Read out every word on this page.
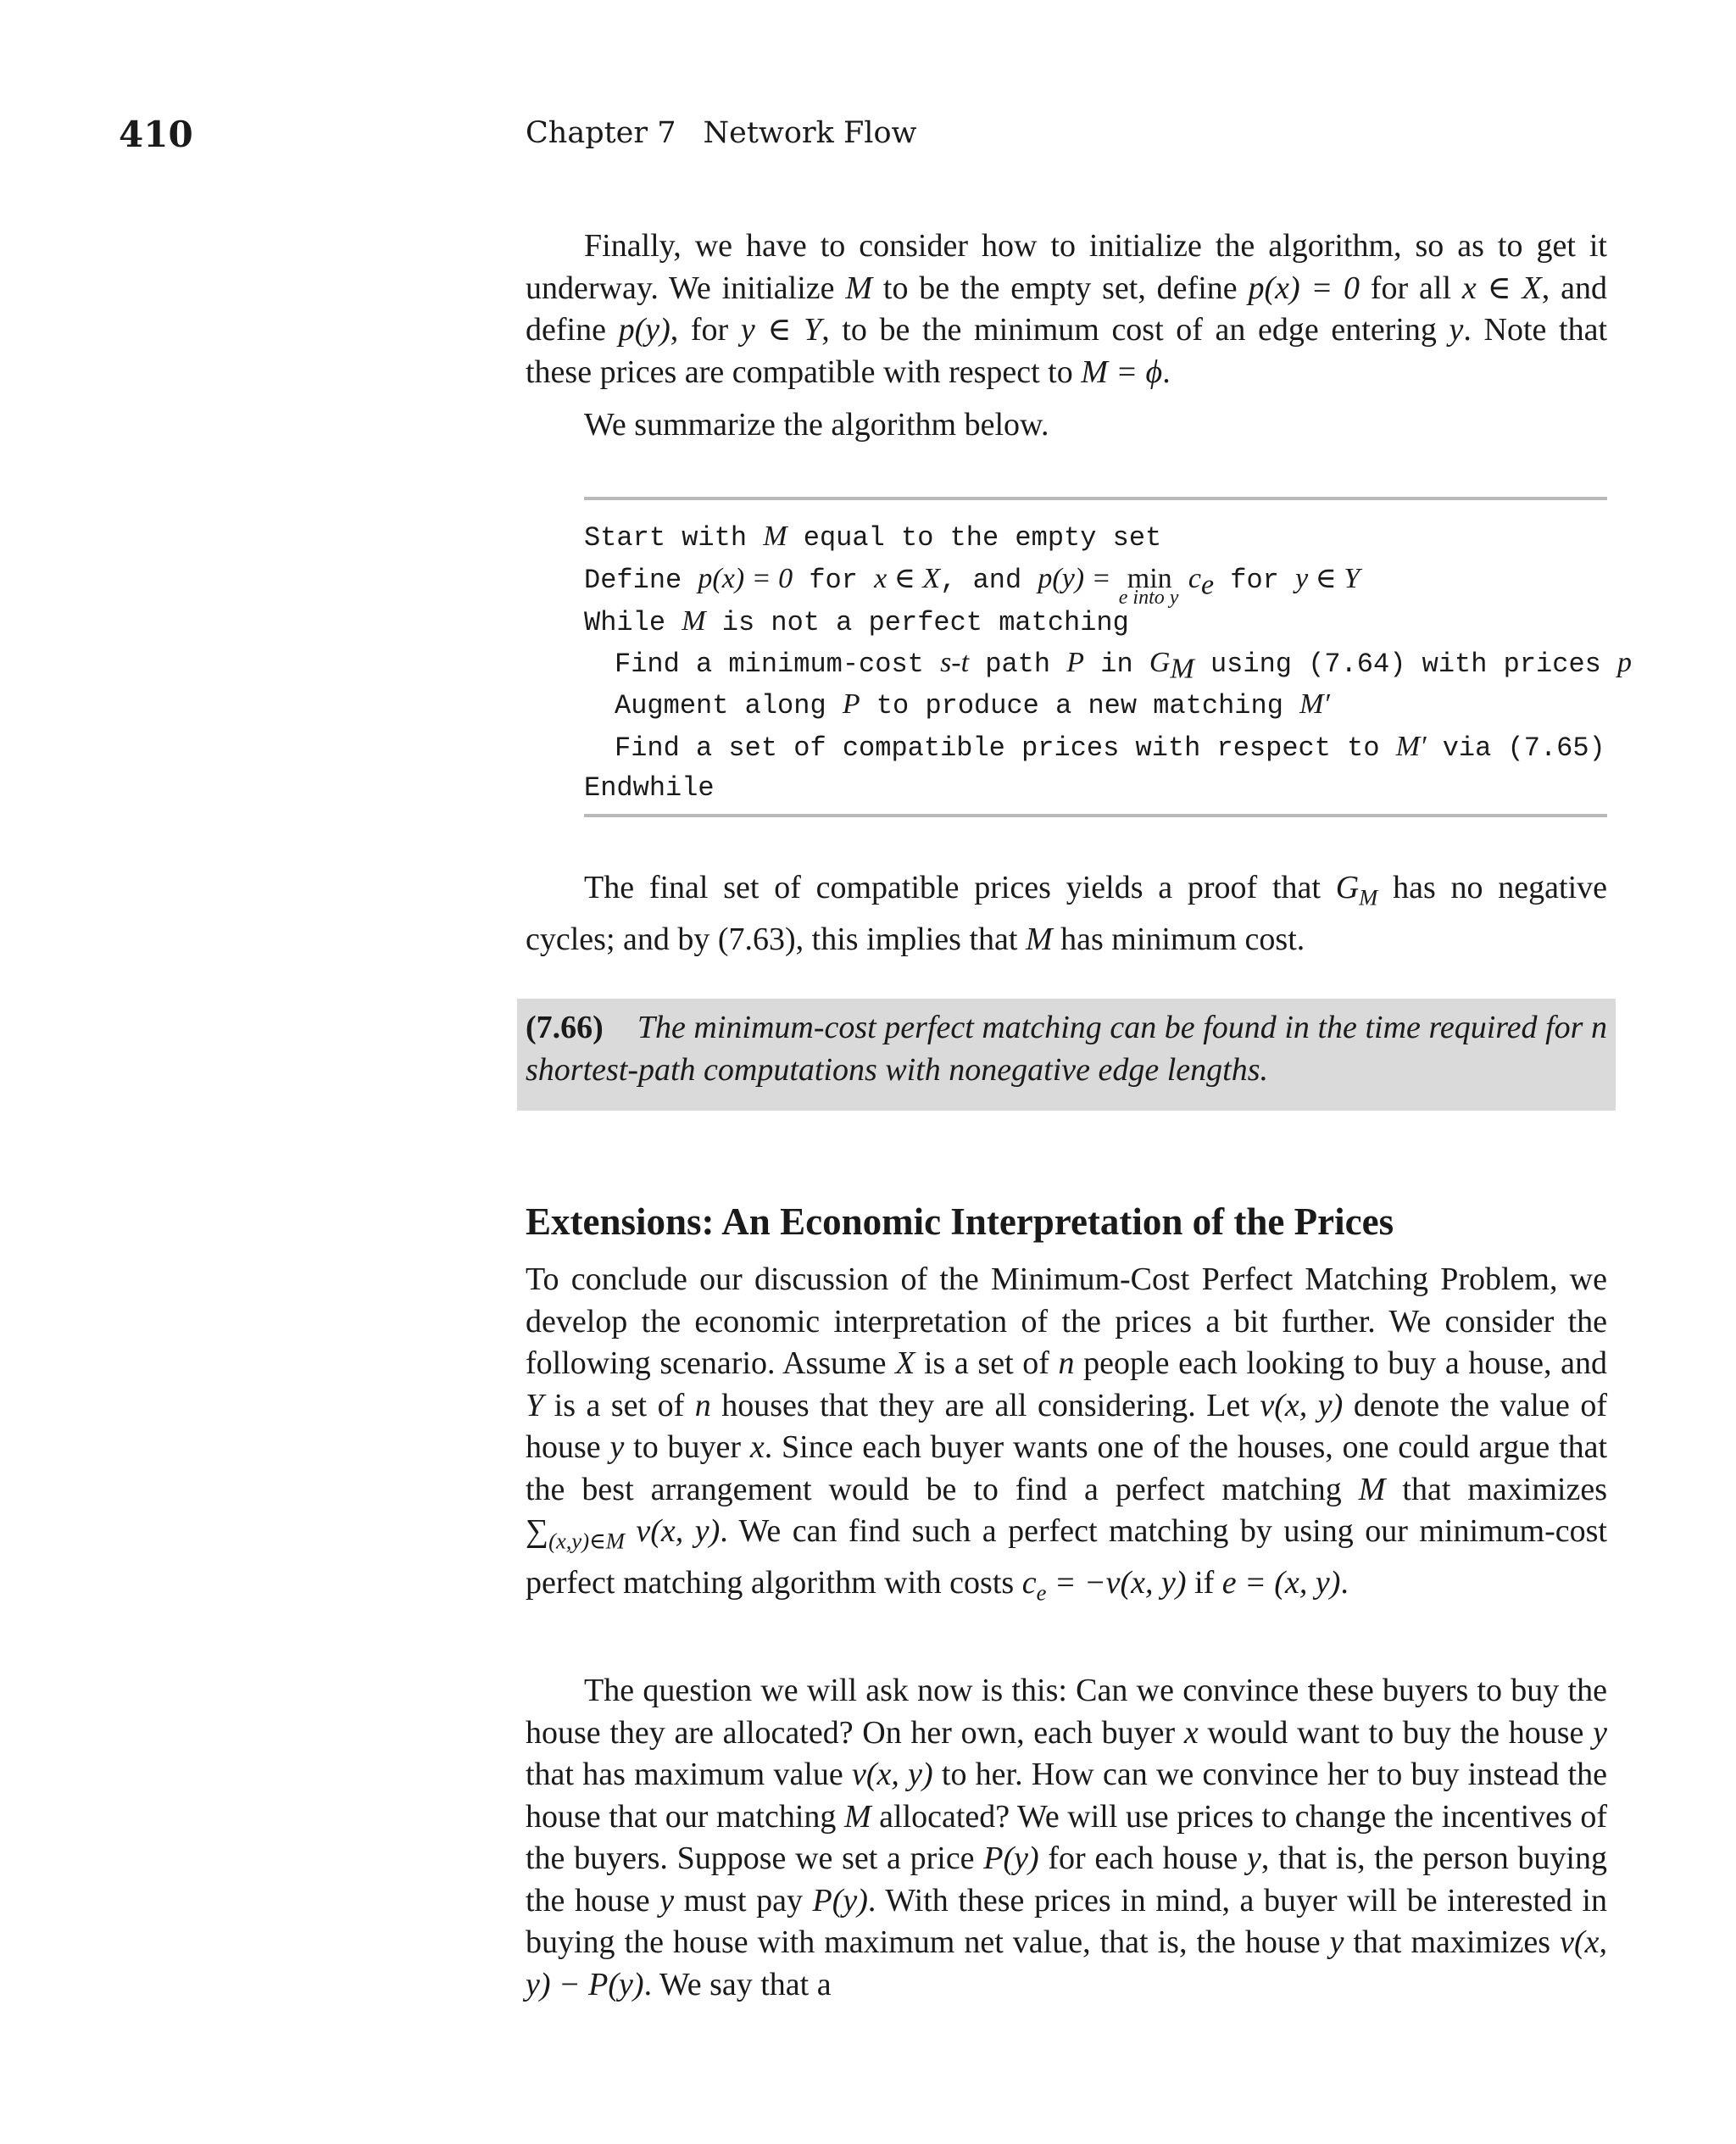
410	Chapter 7 Network Flow

Finally, we have to consider how to initialize the algorithm, so as to get it underway. We initialize M to be the empty set, define p(x) = 0 for all x ∈ X, and define p(y), for y ∈ Y, to be the minimum cost of an edge entering y. Note that these prices are compatible with respect to M = ϕ.

We summarize the algorithm below.

Start with M equal to the empty set
Define p(x) = 0 for x ∈ X, and p(y) = min
e into y
$c_e$ for y ∈ Y
While M is not a perfect matching
Find a minimum-cost s-t path P in $G_M$ using (7.64) with prices p
Augment along P to produce a new matching M′
Find a set of compatible prices with respect to M′ via (7.65)
Endwhile

The final set of compatible prices yields a proof that $G_M$ has no negative cycles; and by (7.63), this implies that M has minimum cost.

(7.66) The minimum-cost perfect matching can be found in the time required for n shortest-path computations with nonegative edge lengths.
Extensions: An Economic Interpretation of the Prices

To conclude our discussion of the Minimum-Cost Perfect Matching Problem, we develop the economic interpretation of the prices a bit further. We consider the following scenario. Assume X is a set of n people each looking to buy a house, and Y is a set of n houses that they are all considering. Let v(x, y) denote the value of house y to buyer x. Since each buyer wants one of the houses, one could argue that the best arrangement would be to find a perfect matching M that maximizes $\sum_{(x,y)\in M}$ v(x, y). We can find such a perfect matching by using our minimum-cost perfect matching algorithm with costs $c_e = -v(x$, y) if e = (x, y).

The question we will ask now is this: Can we convince these buyers to buy the house they are allocated? On her own, each buyer x would want to buy the house y that has maximum value v(x, y) to her. How can we convince her to buy instead the house that our matching M allocated? We will use prices to change the incentives of the buyers. Suppose we set a price P(y) for each house y, that is, the person buying the house y must pay P(y). With these prices in mind, a buyer will be interested in buying the house with maximum net value, that is, the house y that maximizes v(x, y) − P(y). We say that a
